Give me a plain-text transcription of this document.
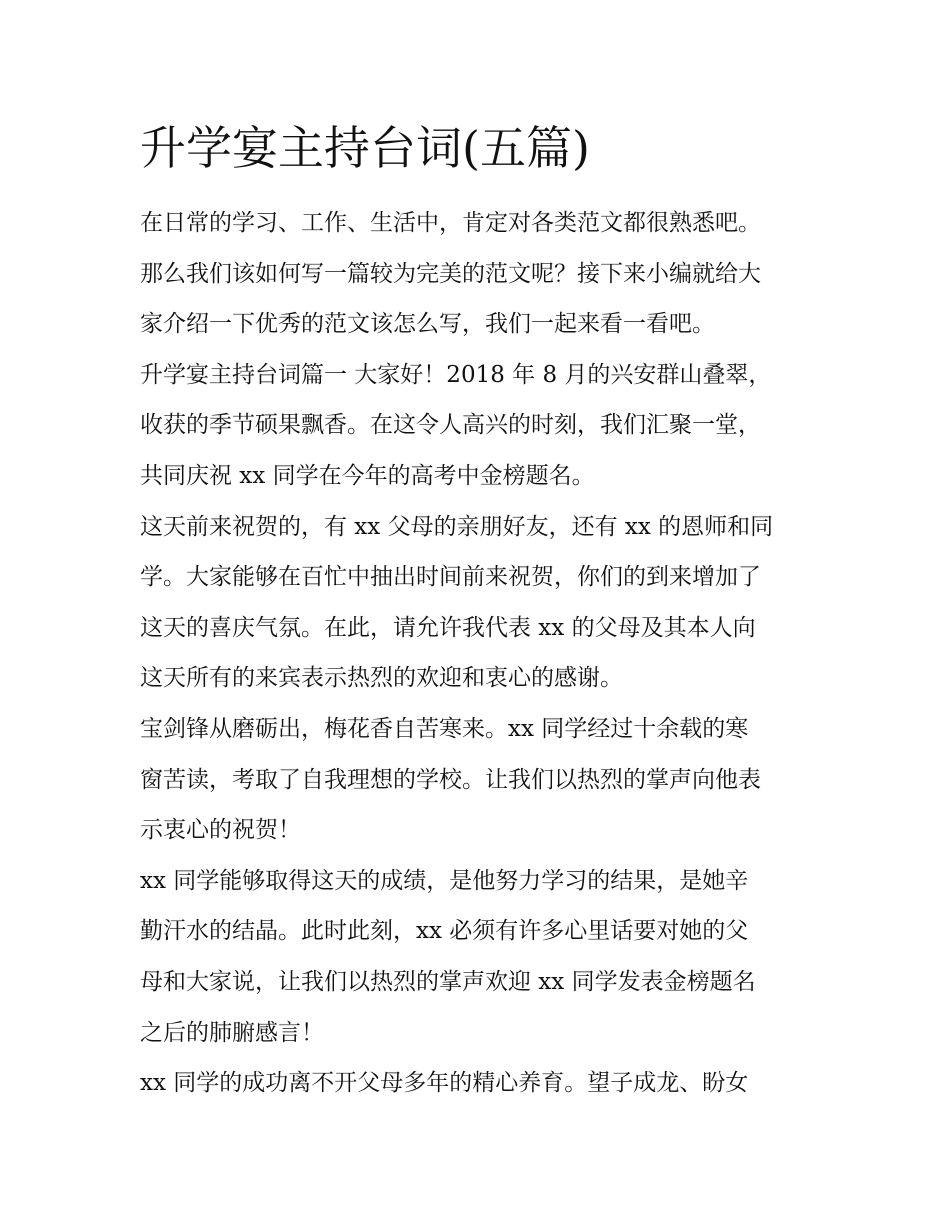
升学宴主持台词(五篇)
在日常的学习、工作、生活中，肯定对各类范文都很熟悉吧。
那么我们该如何写一篇较为完美的范文呢？接下来小编就给大
家介绍一下优秀的范文该怎么写，我们一起来看一看吧。
升学宴主持台词篇一 大家好！2018 年 8 月的兴安群山叠翠，
收获的季节硕果飘香。在这令人高兴的时刻，我们汇聚一堂，
共同庆祝 xx 同学在今年的高考中金榜题名。
这天前来祝贺的，有 xx 父母的亲朋好友，还有 xx 的恩师和同
学。大家能够在百忙中抽出时间前来祝贺，你们的到来增加了
这天的喜庆气氛。在此，请允许我代表 xx 的父母及其本人向
这天所有的来宾表示热烈的欢迎和衷心的感谢。
宝剑锋从磨砺出，梅花香自苦寒来。xx 同学经过十余载的寒
窗苦读，考取了自我理想的学校。让我们以热烈的掌声向他表
示衷心的祝贺！
xx 同学能够取得这天的成绩，是他努力学习的结果，是她辛
勤汗水的结晶。此时此刻，xx 必须有许多心里话要对她的父
母和大家说，让我们以热烈的掌声欢迎 xx 同学发表金榜题名
之后的肺腑感言！
xx 同学的成功离不开父母多年的精心养育。望子成龙、盼女
